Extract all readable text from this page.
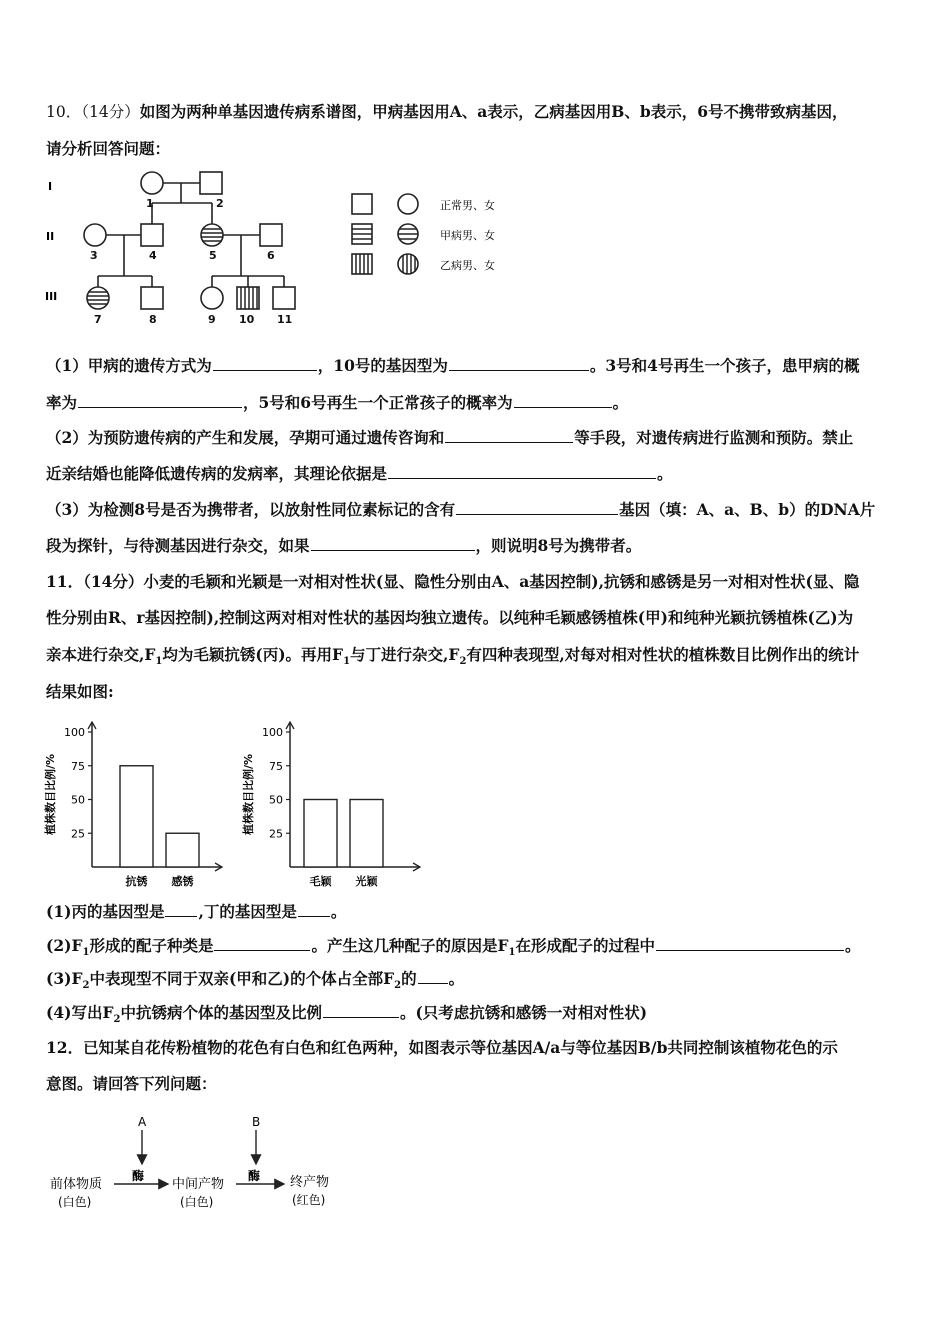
10．（14分）如图为两种单基因遗传病系谱图，甲病基因用A、a表示，乙病基因用B、b表示，6号不携带致病基因，
请分析回答问题：
I
II
III
1	2
3	4	5	6
7	8	9 10 11
正常男、女
甲病男、女
乙病男、女
（1）甲病的遗传方式为	，10号的基因型为	。3号和4号再生一个孩子，患甲病的概
率为	，5号和6号再生一个正常孩子的概率为	。
（2）为预防遗传病的产生和发展，孕期可通过遗传咨询和	等手段，对遗传病进行监测和预防。禁止
近亲结婚也能降低遗传病的发病率，其理论依据是	。
（3）为检测8号是否为携带者，以放射性同位素标记的含有	基因（填：A、a、B、b）的DNA片
段为探针，与待测基因进行杂交，如果	，则说明8号为携带者。
11．（14分）小麦的毛颖和光颖是一对相对性状(显、隐性分别由A、a基因控制),抗锈和感锈是另一对相对性状(显、隐
性分别由R、r基因控制),控制这两对相对性状的基因均独立遗传。以纯种毛颖感锈植株(甲)和纯种光颖抗锈植株(乙)为
亲本进行杂交$,F_1$均为毛颖抗锈(丙)。再用$F_1$与丁进行杂交$,F_2$有四种表现型,对每对相对性状的植株数目比例作出的统计
结果如图:
25
50
75
100
植株数目比例/%
抗锈 感锈
25
50
75
100
植株数目比例/%
毛颖 光颖
(1)丙的基因型是 ,丁的基因型是 。
$(2)F_1$形成的配子种类是	。产生这几种配子的原因是$F_1$在形成配子的过程中	。
$(3)F_2$中表现型不同于双亲(甲和乙)的个体占全部$F_2$的 。
(4)写出$F_2$中抗锈病个体的基因型及比例	。(只考虑抗锈和感锈一对相对性状)
12．已知某自花传粉植物的花色有白色和红色两种，如图表示等位基因A/a与等位基因B/b共同控制该植物花色的示
意图。请回答下列问题：
A	B
前体物质
(白色)
酶
中间产物
(白色)
酶 终产物
(红色)
